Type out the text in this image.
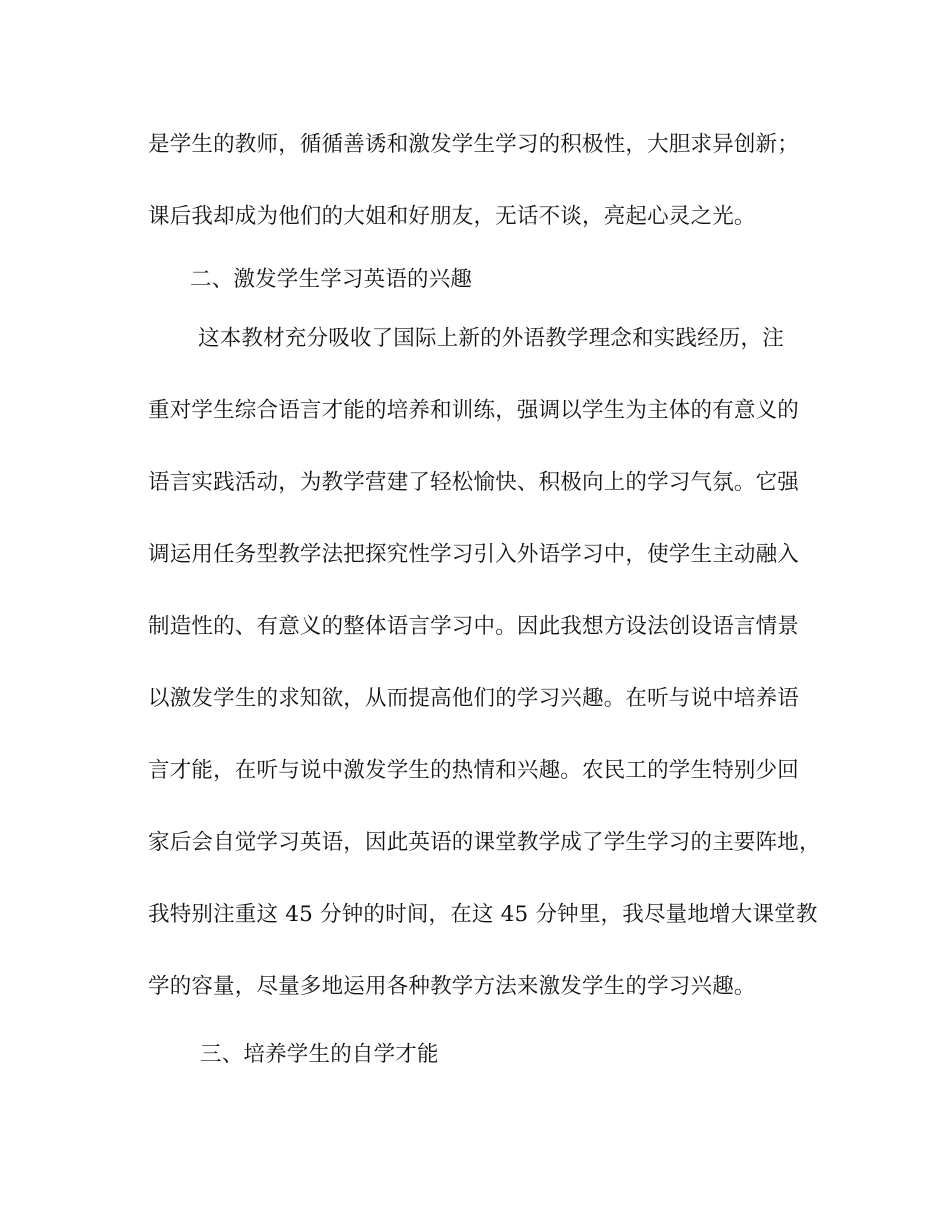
是学生的教师，循循善诱和激发学生学习的积极性，大胆求异创新；

课后我却成为他们的大姐和好朋友，无话不谈，亮起心灵之光。

二、激发学生学习英语的兴趣

这本教材充分吸收了国际上新的外语教学理念和实践经历，注

重对学生综合语言才能的培养和训练，强调以学生为主体的有意义的

语言实践活动，为教学营建了轻松愉快、积极向上的学习气氛。它强

调运用任务型教学法把探究性学习引入外语学习中，使学生主动融入

制造性的、有意义的整体语言学习中。因此我想方设法创设语言情景

以激发学生的求知欲，从而提高他们的学习兴趣。在听与说中培养语

言才能，在听与说中激发学生的热情和兴趣。农民工的学生特别少回

家后会自觉学习英语，因此英语的课堂教学成了学生学习的主要阵地，

我特别注重这 45 分钟的时间，在这 45 分钟里，我尽量地增大课堂教

学的容量，尽量多地运用各种教学方法来激发学生的学习兴趣。

三、培养学生的自学才能
